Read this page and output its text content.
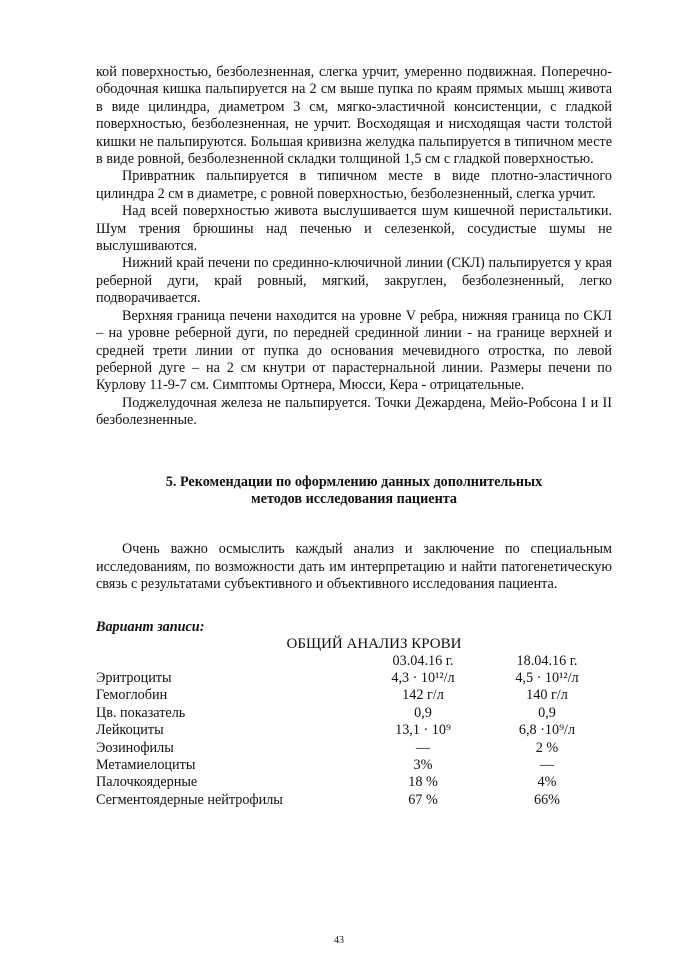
кой поверхностью, безболезненная, слегка урчит, умеренно подвижная. Поперечно-ободочная кишка пальпируется на 2 см выше пупка по краям прямых мышц живота в виде цилиндра, диаметром 3 см, мягко-эластичной консистенции, с гладкой поверхностью, безболезненная, не урчит. Восходящая и нисходящая части толстой кишки не пальпируются. Большая кривизна желудка пальпируется в типичном месте в виде ровной, безболезненной складки толщиной 1,5 см с гладкой поверхностью.

Привратник пальпируется в типичном месте в виде плотно-эластичного цилиндра 2 см в диаметре, с ровной поверхностью, безболезненный, слегка урчит.

Над всей поверхностью живота выслушивается шум кишечной перистальтики. Шум трения брюшины над печенью и селезенкой, сосудистые шумы не выслушиваются.

Нижний край печени по срединно-ключичной линии (СКЛ) пальпируется у края реберной дуги, край ровный, мягкий, закруглен, безболезненный, легко подворачивается.

Верхняя граница печени находится на уровне V ребра, нижняя граница по СКЛ – на уровне реберной дуги, по передней срединной линии - на границе верхней и средней трети линии от пупка до основания мечевидного отростка, по левой реберной дуге – на 2 см кнутри от парастернальной линии. Размеры печени по Курлову 11-9-7 см. Симптомы Ортнера, Мюсси, Кера - отрицательные.

Поджелудочная железа не пальпируется. Точки Дежардена, Мейо-Робсона I и II безболезненные.

5. Рекомендации по оформлению данных дополнительных
методов исследования пациента

Очень важно осмыслить каждый анализ и заключение по специальным исследованиям, по возможности дать им интерпретацию и найти патогенетическую связь с результатами субъективного и объективного исследования пациента.

Вариант записи:
ОБЩИЙ АНАЛИЗ КРОВИ
	03.04.16 г.	18.04.16 г.
Эритроциты	4,3 · 10¹²/л	4,5 · 10¹²/л
Гемоглобин	142 г/л	140 г/л
Цв. показатель	0,9	0,9
Лейкоциты	13,1 · 10⁹	6,8 ·10⁹/л
Эозинофилы	—	2 %
Метамиелоциты	3%	—
Палочкоядерные	18 %	4%
Сегментоядерные нейтрофилы	67 %	66%
43
